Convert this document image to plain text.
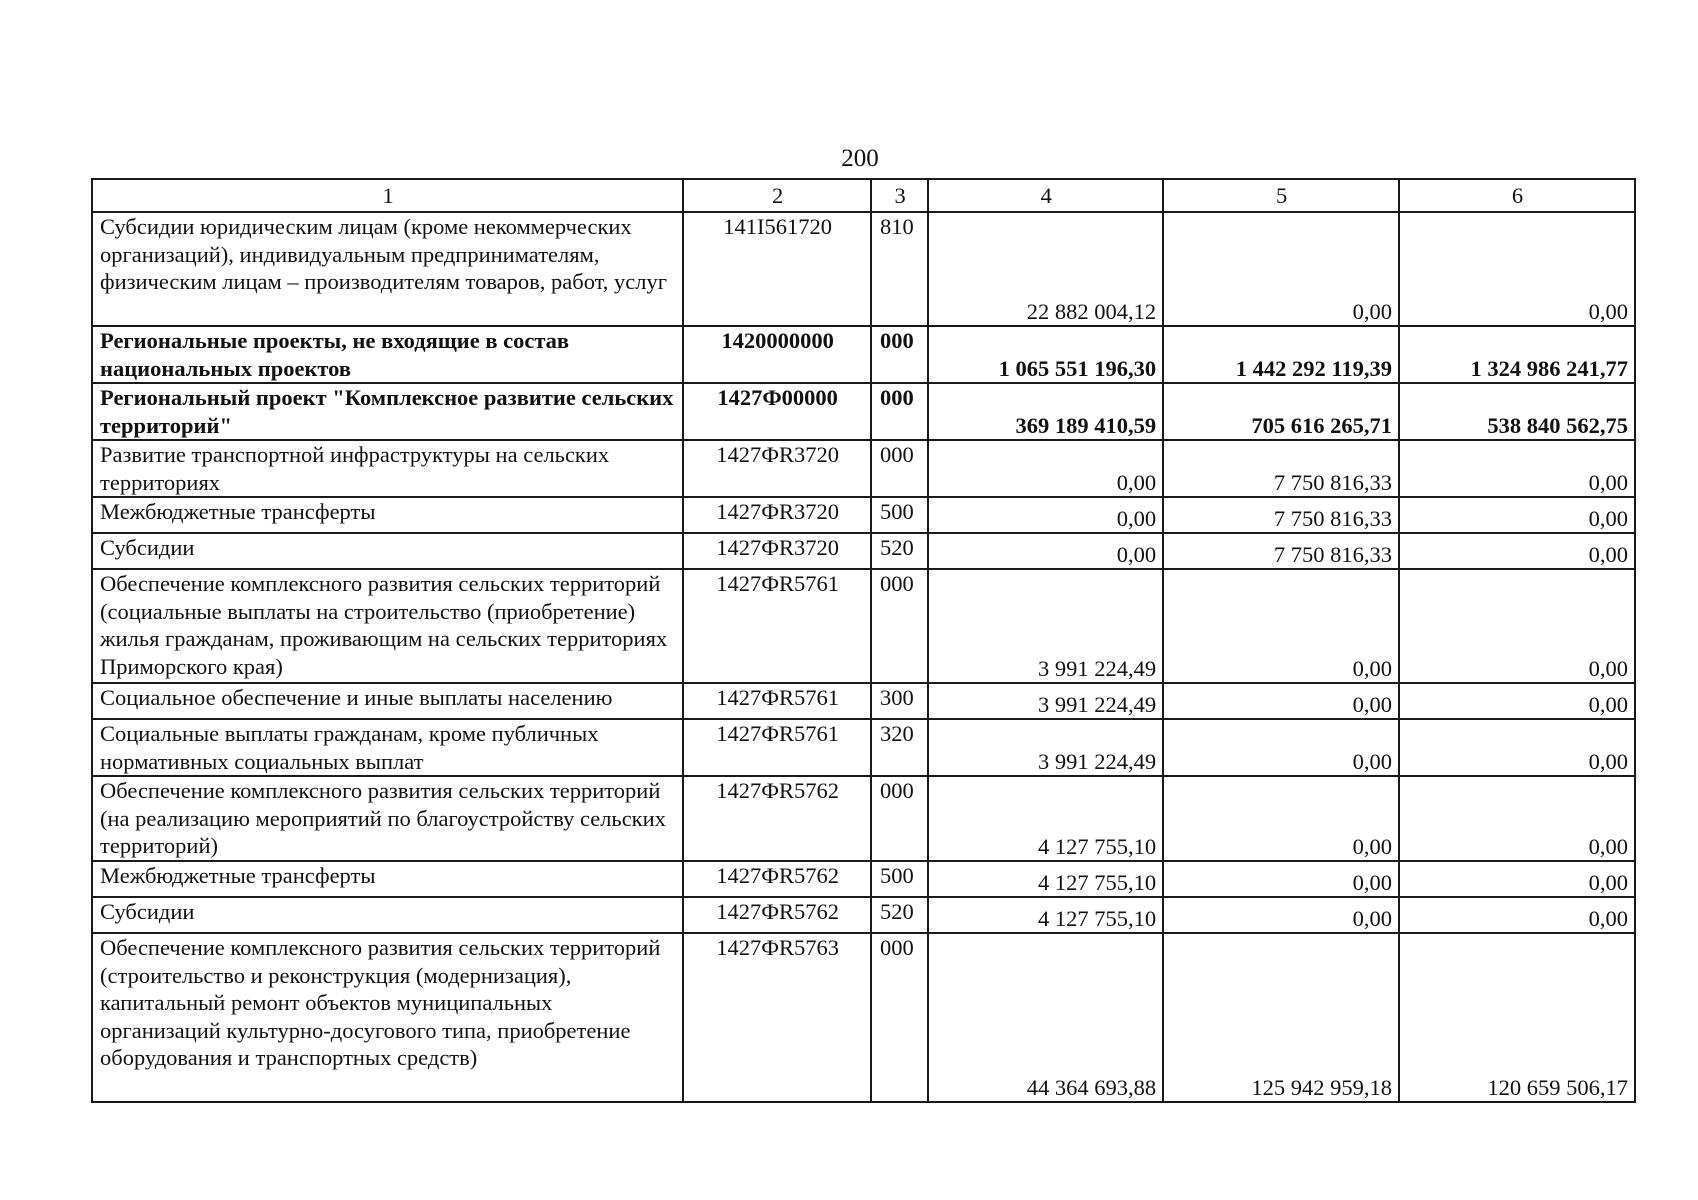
200
1	2	3	4	5	6
Субсидии юридическим лицам (кроме некоммерческих организаций), индивидуальным предпринимателям, физическим лицам – производителям товаров, работ, услуг	141I561720	810	22 882 004,12	0,00	0,00
Региональные проекты, не входящие в состав национальных проектов	1420000000	000	1 065 551 196,30	1 442 292 119,39	1 324 986 241,77
Региональный проект "Комплексное развитие сельских территорий"	1427Ф00000	000	369 189 410,59	705 616 265,71	538 840 562,75
Развитие транспортной инфраструктуры на сельских территориях	1427ФR3720	000	0,00	7 750 816,33	0,00
Межбюджетные трансферты	1427ФR3720	500	0,00	7 750 816,33	0,00
Субсидии	1427ФR3720	520	0,00	7 750 816,33	0,00
Обеспечение комплексного развития сельских территорий (социальные выплаты на строительство (приобретение) жилья гражданам, проживающим на сельских территориях Приморского края)	1427ФR5761	000	3 991 224,49	0,00	0,00
Социальное обеспечение и иные выплаты населению	1427ФR5761	300	3 991 224,49	0,00	0,00
Социальные выплаты гражданам, кроме публичных нормативных социальных выплат	1427ФR5761	320	3 991 224,49	0,00	0,00
Обеспечение комплексного развития сельских территорий (на реализацию мероприятий по благоустройству сельских территорий)	1427ФR5762	000	4 127 755,10	0,00	0,00
Межбюджетные трансферты	1427ФR5762	500	4 127 755,10	0,00	0,00
Субсидии	1427ФR5762	520	4 127 755,10	0,00	0,00
Обеспечение комплексного развития сельских территорий (строительство и реконструкция (модернизация), капитальный ремонт объектов муниципальных организаций культурно-досугового типа, приобретение оборудования и транспортных средств)	1427ФR5763	000	44 364 693,88	125 942 959,18	120 659 506,17
